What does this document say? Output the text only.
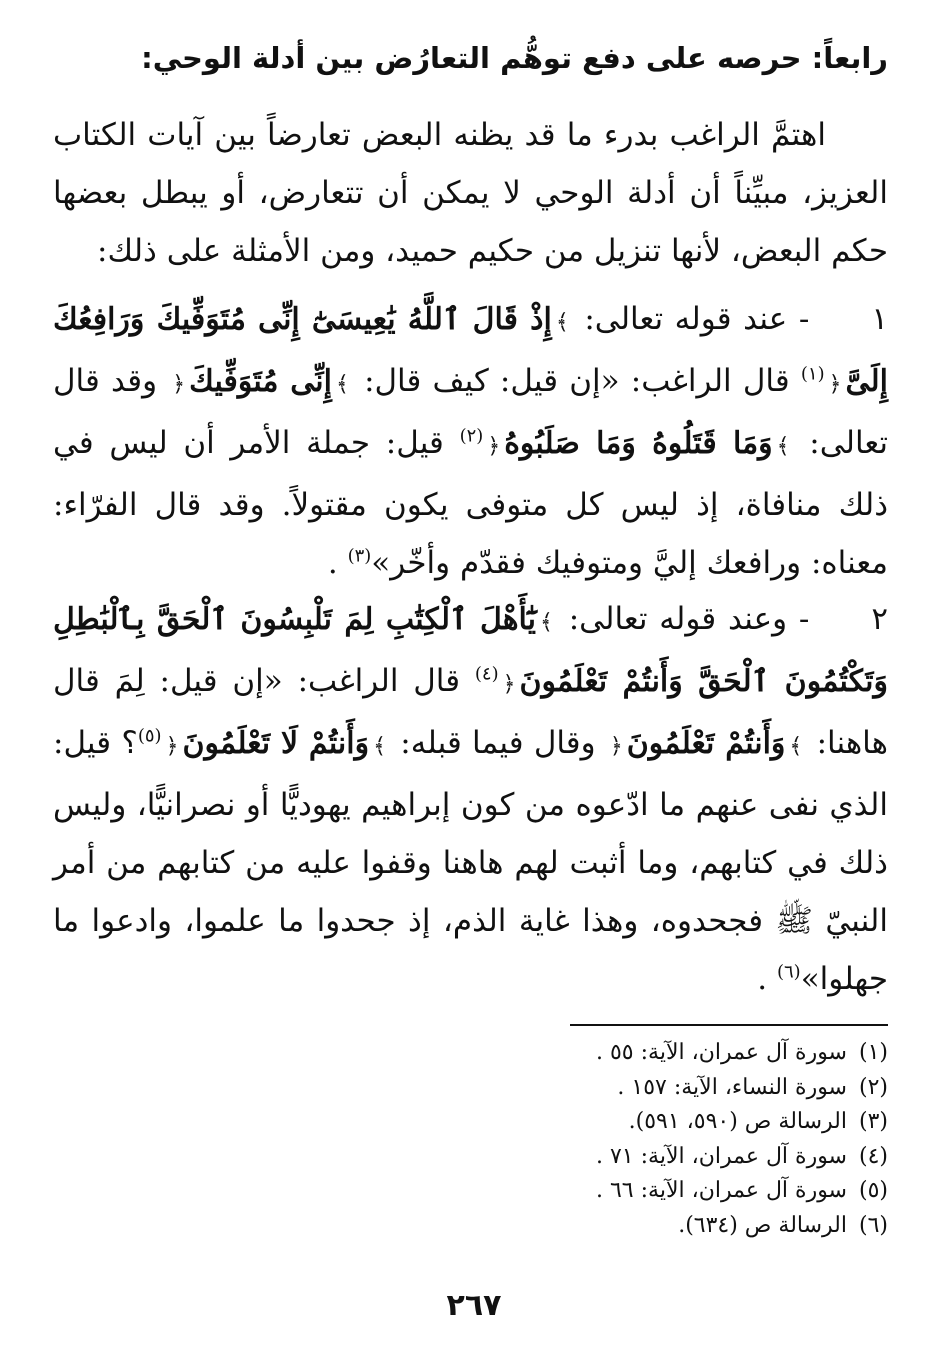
رابعاً: حرصه على دفع توهُّم التعارُض بين أدلة الوحي:
اهتمَّ الراغب بدرء ما قد يظنه البعض تعارضاً بين آيات الكتاب العزيز، مبيِّناً أن أدلة الوحي لا يمكن أن تتعارض، أو يبطل بعضها حكم البعض، لأنها تنزيل من حكيم حميد، ومن الأمثلة على ذلك:
١- عند قوله تعالى: ﴾إِذْ قَالَ ٱللَّهُ يَٰعِيسَىٰٓ إِنِّى مُتَوَفِّيكَ وَرَافِعُكَ إِلَىَّ﴿$^{(١)}$ قال الراغب: «إن قيل: كيف قال: ﴾إِنِّى مُتَوَفِّيكَ﴿ وقد قال تعالى: ﴾وَمَا قَتَلُوهُ وَمَا صَلَبُوهُ﴿$^{(٢)}$ قيل: جملة الأمر أن ليس في ذلك منافاة، إذ ليس كل متوفى يكون مقتولاً. وقد قال الفرّاء: معناه: ورافعك إليَّ ومتوفيك فقدّم وأخّر»$^{(٣)}$ .
٢- وعند قوله تعالى: ﴾يَٰٓأَهْلَ ٱلْكِتَٰبِ لِمَ تَلْبِسُونَ ٱلْحَقَّ بِٱلْبَٰطِلِ وَتَكْتُمُونَ ٱلْحَقَّ وَأَنتُمْ تَعْلَمُونَ﴿$^{(٤)}$ قال الراغب: «إن قيل: لِمَ قال هاهنا: ﴾وَأَنتُمْ تَعْلَمُونَ﴿ وقال فيما قبله: ﴾وَأَنتُمْ لَا تَعْلَمُونَ﴿$^{(٥)}$؟ قيل: الذي نفى عنهم ما ادّعوه من كون إبراهيم يهوديًّا أو نصرانيًّا، وليس ذلك في كتابهم، وما أثبت لهم هاهنا وقفوا عليه من كتابهم من أمر النبيّ ﷺ فجحدوه، وهذا غاية الذم، إذ جحدوا ما علموا، وادعوا ما جهلوا»$^{(٦)}$ .
(١) سورة آل عمران، الآية: ٥٥ .
(٢) سورة النساء، الآية: ١٥٧ .
(٣) الرسالة ص (٥٩٠، ٥٩١).
(٤) سورة آل عمران، الآية: ٧١ .
(٥) سورة آل عمران، الآية: ٦٦ .
(٦) الرسالة ص (٦٣٤).
٢٦٧
